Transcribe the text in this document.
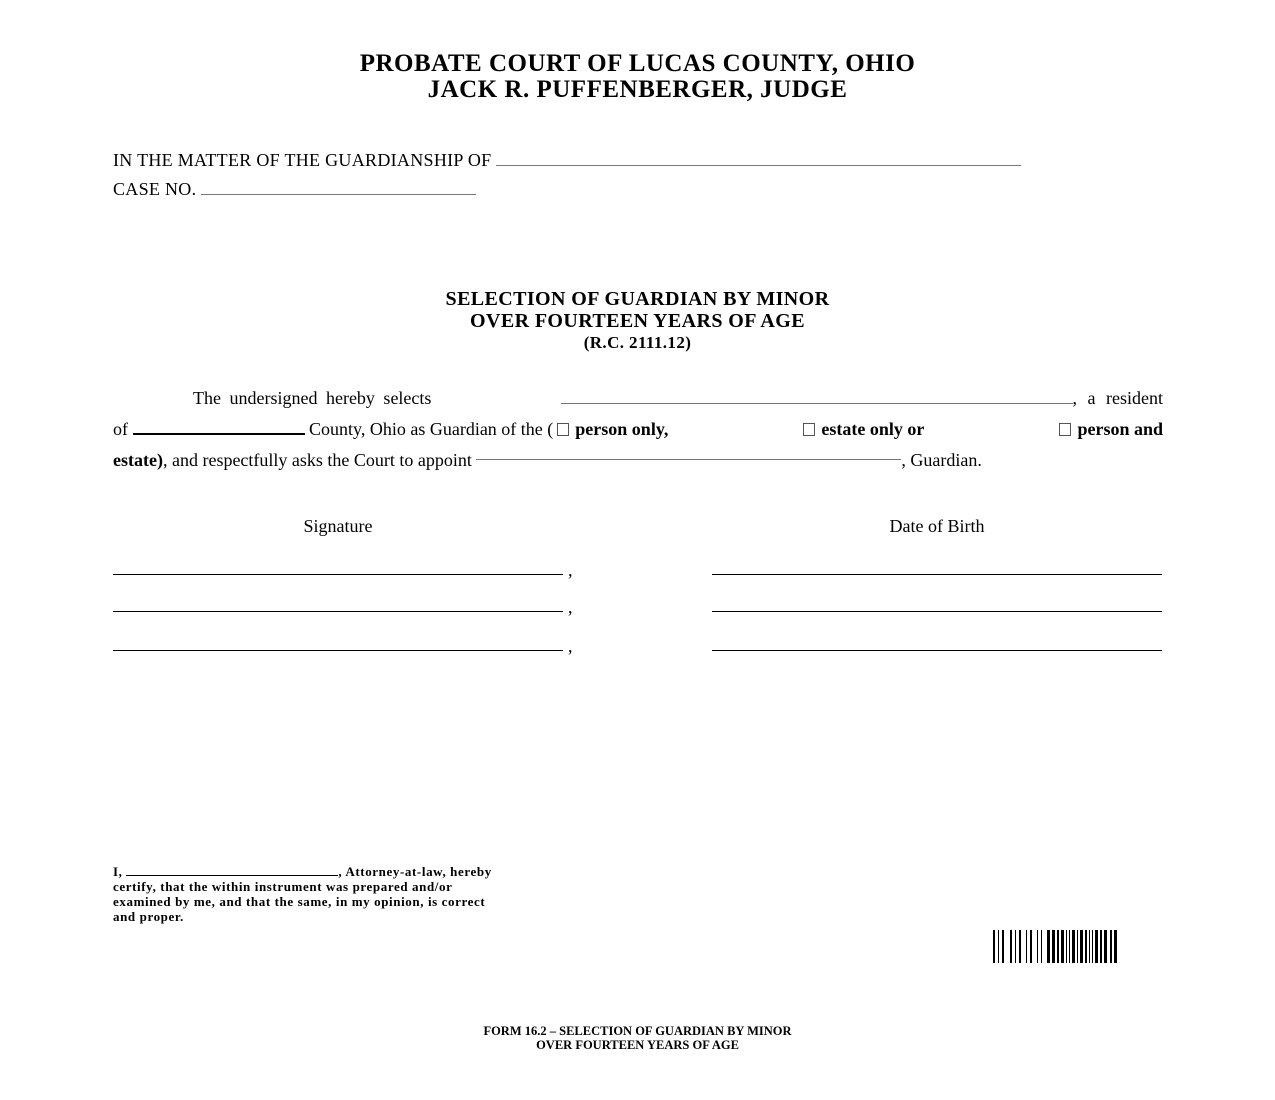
PROBATE COURT OF LUCAS COUNTY, OHIO
JACK R. PUFFENBERGER, JUDGE
IN THE MATTER OF THE GUARDIANSHIP OF
CASE NO.
SELECTION OF GUARDIAN BY MINOR
OVER FOURTEEN YEARS OF AGE
(R.C. 2111.12)
The undersigned hereby selects	, a resident
of	County, Ohio as Guardian of the ( person only,	estate only or	person and
estate) , and respectfully asks the Court to appoint
	, Guardian.
Signature	Date of Birth
,
,
,
I,	, Attorney-at-law, hereby certify, that the within instrument was prepared and/or examined by me, and that the same, in my opinion, is correct and proper.
FORM 16.2 – SELECTION OF GUARDIAN BY MINOR
OVER FOURTEEN YEARS OF AGE
